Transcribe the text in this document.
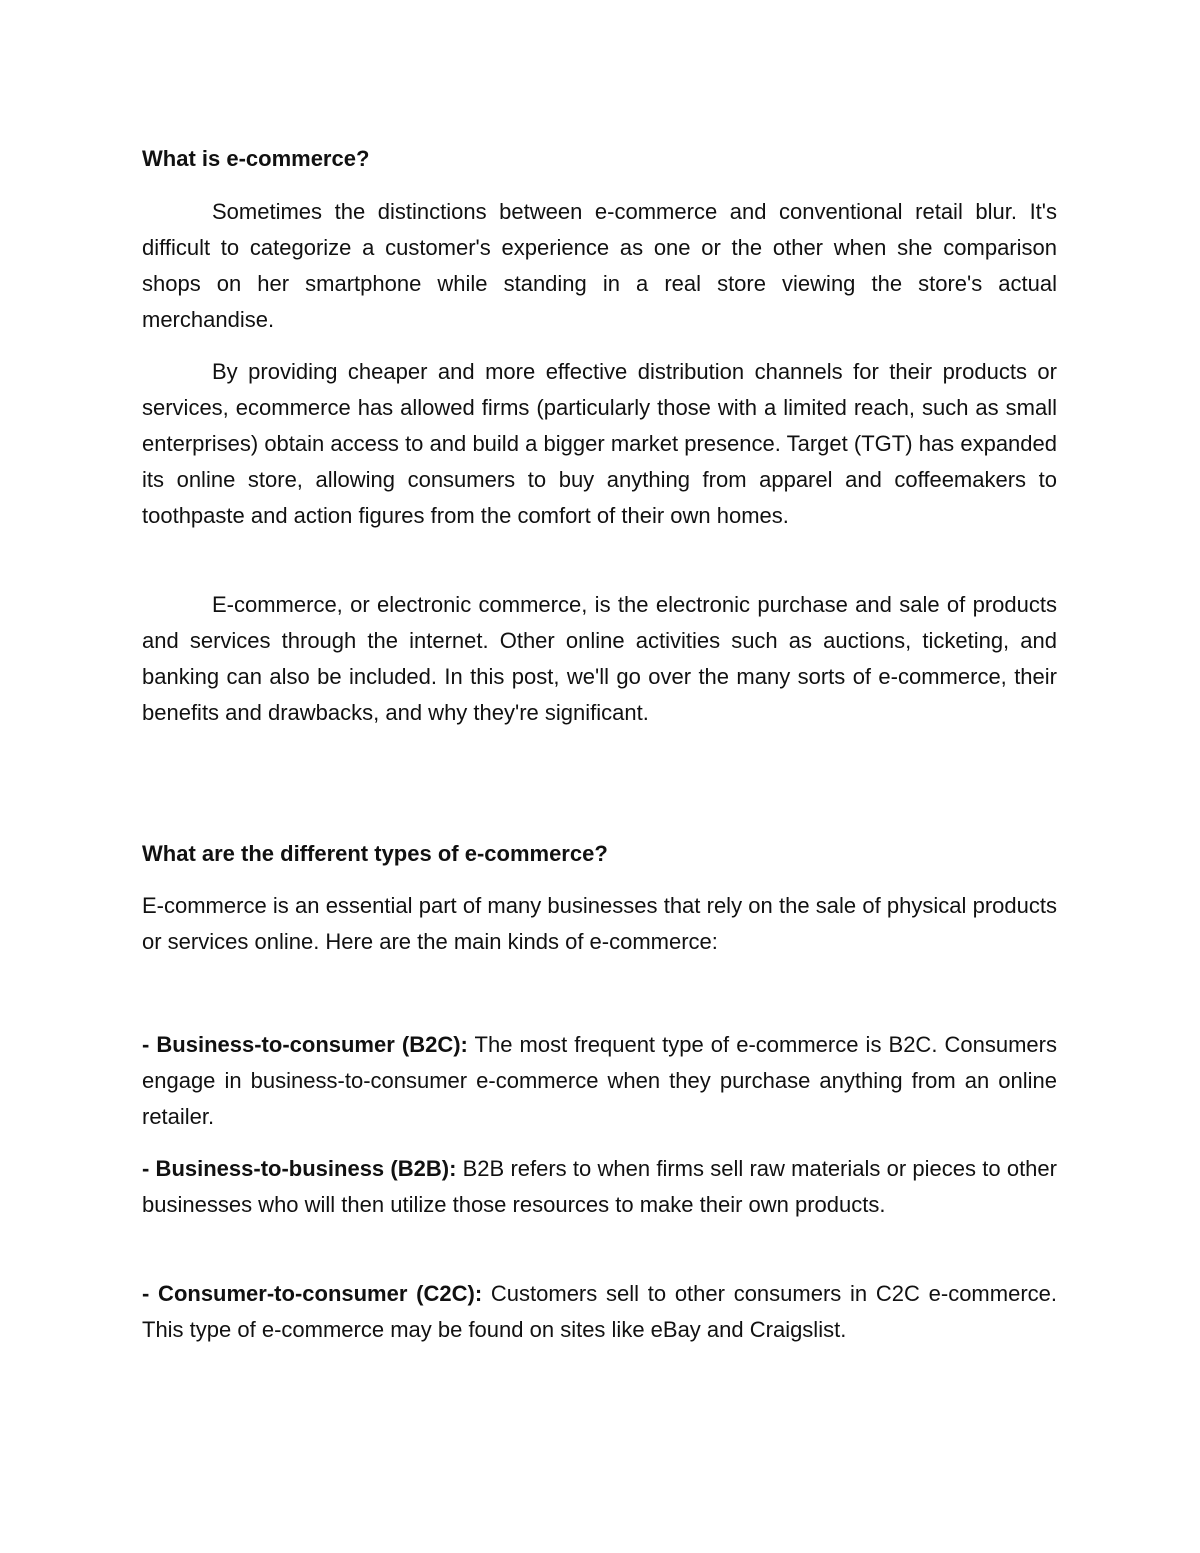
What is e-commerce?

Sometimes the distinctions between e-commerce and conventional retail blur. It's difficult to categorize a customer's experience as one or the other when she comparison shops on her smartphone while standing in a real store viewing the store's actual merchandise.

By providing cheaper and more effective distribution channels for their products or services, ecommerce has allowed firms (particularly those with a limited reach, such as small enterprises) obtain access to and build a bigger market presence. Target (TGT) has expanded its online store, allowing consumers to buy anything from apparel and coffeemakers to toothpaste and action figures from the comfort of their own homes.

E-commerce, or electronic commerce, is the electronic purchase and sale of products and services through the internet. Other online activities such as auctions, ticketing, and banking can also be included. In this post, we'll go over the many sorts of e-commerce, their benefits and drawbacks, and why they're significant.

What are the different types of e-commerce?

E-commerce is an essential part of many businesses that rely on the sale of physical products or services online. Here are the main kinds of e-commerce:

- Business-to-consumer (B2C): The most frequent type of e-commerce is B2C. Consumers engage in business-to-consumer e-commerce when they purchase anything from an online retailer.

- Business-to-business (B2B): B2B refers to when firms sell raw materials or pieces to other businesses who will then utilize those resources to make their own products.

- Consumer-to-consumer (C2C): Customers sell to other consumers in C2C e-commerce. This type of e-commerce may be found on sites like eBay and Craigslist.
